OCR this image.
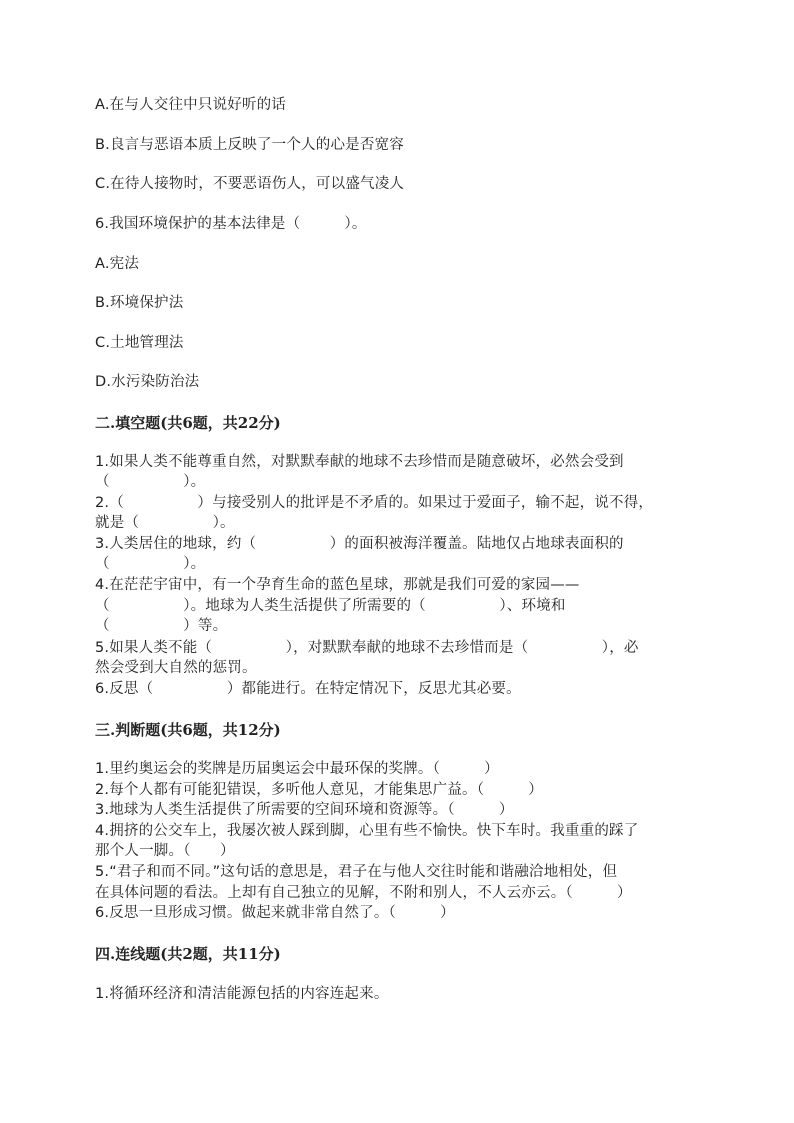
A.在与人交往中只说好听的话
B.良言与恶语本质上反映了一个人的心是否宽容
C.在待人接物时，不要恶语伤人，可以盛气凌人
6.我国环境保护的基本法律是（　　　）。
A.宪法
B.环境保护法
C.土地管理法
D.水污染防治法
二.填空题(共6题，共22分)
1.如果人类不能尊重自然，对默默奉献的地球不去珍惜而是随意破坏，必然会受到
（　　　　　）。
2.（　　　　　）与接受别人的批评是不矛盾的。如果过于爱面子，输不起，说不得，
就是（　　　　　）。
3.人类居住的地球，约（　　　　　）的面积被海洋覆盖。陆地仅占地球表面积的
（　　　　　）。
4.在茫茫宇宙中，有一个孕育生命的蓝色星球，那就是我们可爱的家园——
（　　　　　）。地球为人类生活提供了所需要的（　　　　　）、环境和
（　　　　　）等。
5.如果人类不能（　　　　　），对默默奉献的地球不去珍惜而是（　　　　　），必
然会受到大自然的惩罚。
6.反思（　　　　　）都能进行。在特定情况下，反思尤其必要。
三.判断题(共6题，共12分)
1.里约奥运会的奖牌是历届奥运会中最环保的奖牌。（　　　）
2.每个人都有可能犯错误，多听他人意见，才能集思广益。（　　　）
3.地球为人类生活提供了所需要的空间环境和资源等。（　　　）
4.拥挤的公交车上，我屡次被人踩到脚，心里有些不愉快。快下车时。我重重的踩了
那个人一脚。（　　）
5.“君子和而不同。”这句话的意思是，君子在与他人交往时能和谐融洽地相处，但
在具体问题的看法。上却有自己独立的见解，不附和别人，不人云亦云。（　　　）
6.反思一旦形成习惯。做起来就非常自然了。（　　　）
四.连线题(共2题，共11分)
1.将循环经济和清洁能源包括的内容连起来。
